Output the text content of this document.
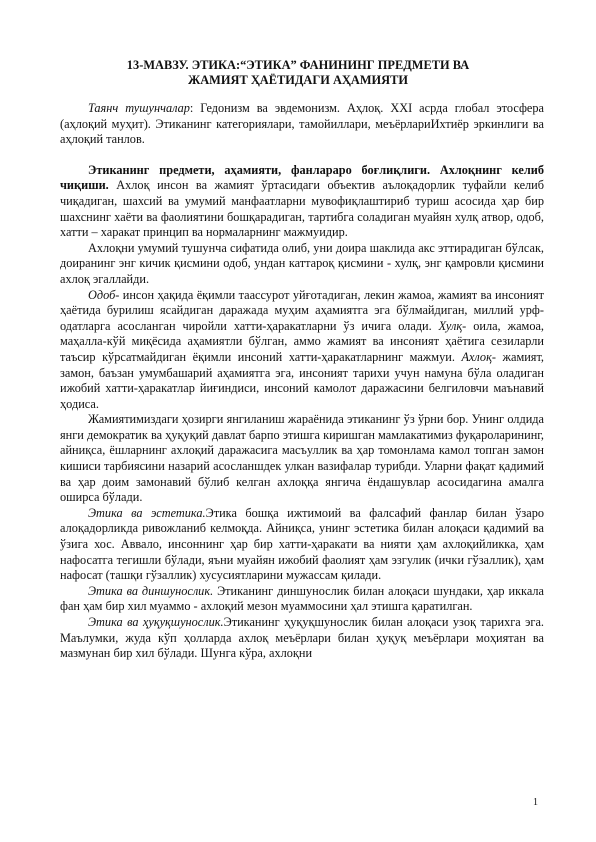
13-МАВЗУ. ЭТИКА:“ЭТИКА” ФАНИНИНГ ПРЕДМЕТИ ВА
ЖАМИЯТ ҲАЁТИДАГИ АҲАМИЯТИ

Таянч тушунчалар: Гедонизм ва эвдемонизм. Аҳлоқ. XXI асрда глобал этосфера (аҳлоқий муҳит). Этиканинг категориялари, тамойиллари, меъёрлариИхтиёр эркинлиги ва аҳлоқий танлов.

Этиканинг предмети, аҳамияти, фанлараро боғлиқлиги. Ахлоқнинг келиб чиқиши. Ахлоқ инсон ва жамият ўртасидаги объектив аълоқадорлик туфайли келиб чиқадиган, шахсий ва умумий манфаатларни мувофиқлаштириб туриш асосида ҳар бир шахснинг хаёти ва фаолиятини бошқарадиган, тартибга соладиган муайян хулқ атвор, одоб, хатти – харакат принцип ва нормаларнинг мажмуидир.

Ахлоқни умумий тушунча сифатида олиб, уни доира шаклида акс эттирадиган бўлсак, доиранинг энг кичик қисмини одоб, ундан каттароқ қисмини - хулқ, энг қамровли қисмини ахлоқ эгаллайди.

Одоб- инсон ҳақида ёқимли таассурот уйғотадиган, лекин жамоа, жамият ва инсоният ҳаётида бурилиш ясайдиган даражада муҳим аҳамиятга эга бўлмайдиган, миллий урф-одатларга асосланган чиройли хатти-ҳаракатларни ўз ичига олади. Хулқ- оила, жамоа, маҳалла-кўй миқёсида аҳамиятли бўлган, аммо жамият ва инсоният ҳаётига сезиларли таъсир кўрсатмайдиган ёқимли инсоний хатти-ҳаракатларнинг мажмуи. Ахлоқ- жамият, замон, баъзан умумбашарий аҳамиятга эга, инсоният тарихи учун намуна бўла оладиган ижобий хатти-ҳаракатлар йиғиндиси, инсоний камолот даражасини белгиловчи маънавий ҳодиса.

Жамиятимиздаги ҳозирги янгиланиш жараёнида этиканинг ўз ўрни бор. Унинг олдида янги демократик ва ҳуқуқий давлат барпо этишга киришган мамлакатимиз фуқароларининг, айниқса, ёшларнинг ахлоқий даражасига масъуллик ва ҳар томонлама камол топган замон кишиси тарбиясини назарий асосланшдек улкан вазифалар турибди. Уларни фақат қадимий ва ҳар доим замонавий бўлиб келган ахлоққа янгича ёндашувлар асосидагина амалга оширса бўлади.

Этика ва эстетика.Этика бошқа ижтимоий ва фалсафий фанлар билан ўзаро алоқадорликда ривожланиб келмоқда. Айниқса, унинг эстетика билан алоқаси қадимий ва ўзига хос. Аввало, инсоннинг ҳар бир хатти-ҳаракати ва нияти ҳам ахлоқийликка, ҳам нафосатга тегишли бўлади, яъни муайян ижобий фаолият ҳам эзгулик (ички гўзаллик), ҳам нафосат (ташқи гўзаллик) хусусиятларини мужассам қилади.

Этика ва диншунослик. Этиканинг диншунослик билан алоқаси шундаки, ҳар иккала фан ҳам бир хил муаммо - ахлоқий мезон муаммосини ҳал этишга қаратилган.

Этика ва ҳуқуқшунослик.Этиканинг ҳуқуқшунослик билан алоқаси узоқ тарихга эга. Маълумки, жуда кўп ҳолларда ахлоқ меъёрлари билан ҳуқуқ меъёрлари моҳиятан ва мазмунан бир хил бўлади. Шунга кўра, ахлоқни

1
